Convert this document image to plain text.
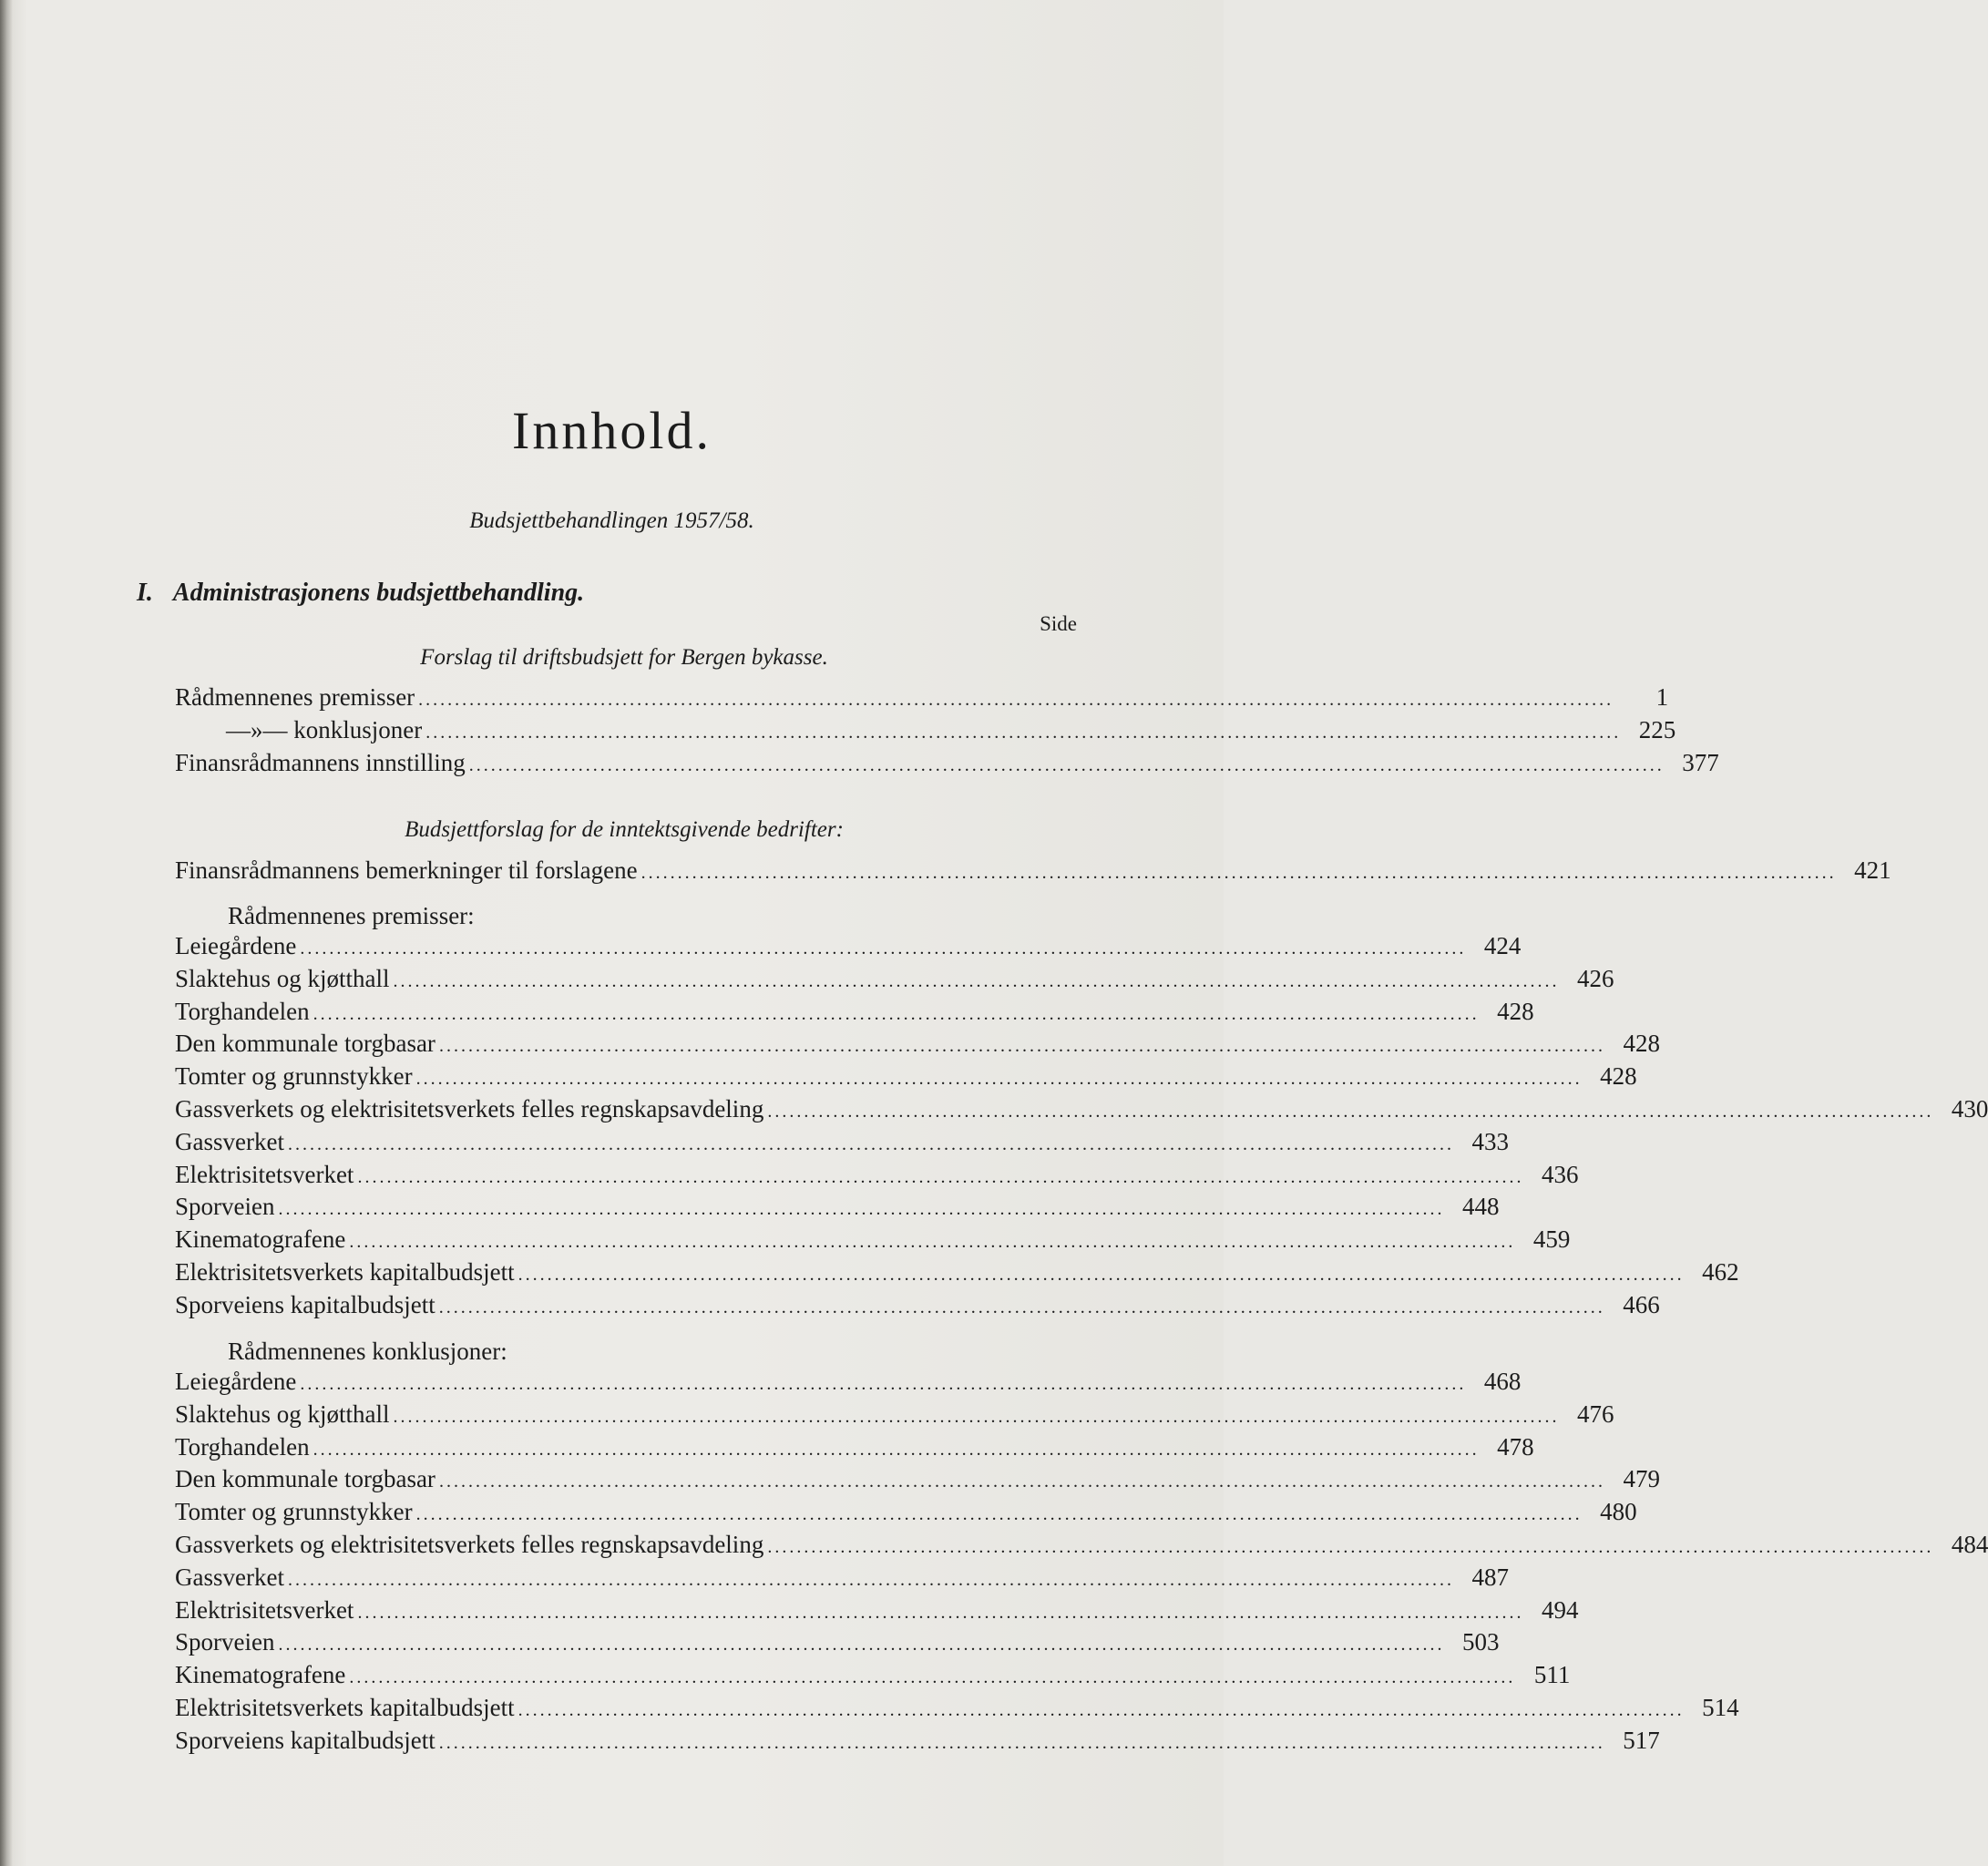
Innhold.
Budsjettbehandlingen 1957/58.
I. Administrasjonens budsjettbehandling.
Side
Forslag til driftsbudsjett for Bergen bykasse.
Rådmennenes premisser ....................................................................................................................................................................	1
—»— konklusjoner .................................................................................................................................................................... 225
Finansrådmannens innstilling .................................................................................................................................................................... 377
Budsjettforslag for de inntektsgivende bedrifter:
Finansrådmannens bemerkninger til forslagene .................................................................................................................................................................... 421
Rådmennenes premisser:
Leiegårdene ................................................................................................................................................................ 424
Slaktehus og kjøtthall ................................................................................................................................................................ 426
Torghandelen ................................................................................................................................................................ 428
Den kommunale torgbasar ................................................................................................................................................................ 428
Tomter og grunnstykker ................................................................................................................................................................ 428
Gassverkets og elektrisitetsverkets felles regnskapsavdeling ................................................................................................................................................................ 430
Gassverket ................................................................................................................................................................ 433
Elektrisitetsverket ................................................................................................................................................................ 436
Sporveien ................................................................................................................................................................ 448
Kinematografene ................................................................................................................................................................ 459
Elektrisitetsverkets kapitalbudsjett ................................................................................................................................................................ 462
Sporveiens kapitalbudsjett ................................................................................................................................................................ 466
Rådmennenes konklusjoner:
Leiegårdene ................................................................................................................................................................ 468
Slaktehus og kjøtthall ................................................................................................................................................................ 476
Torghandelen ................................................................................................................................................................ 478
Den kommunale torgbasar ................................................................................................................................................................ 479
Tomter og grunnstykker ................................................................................................................................................................ 480
Gassverkets og elektrisitetsverkets felles regnskapsavdeling ................................................................................................................................................................ 484
Gassverket ................................................................................................................................................................ 487
Elektrisitetsverket ................................................................................................................................................................ 494
Sporveien ................................................................................................................................................................ 503
Kinematografene ................................................................................................................................................................ 511
Elektrisitetsverkets kapitalbudsjett ................................................................................................................................................................ 514
Sporveiens kapitalbudsjett ................................................................................................................................................................ 517
